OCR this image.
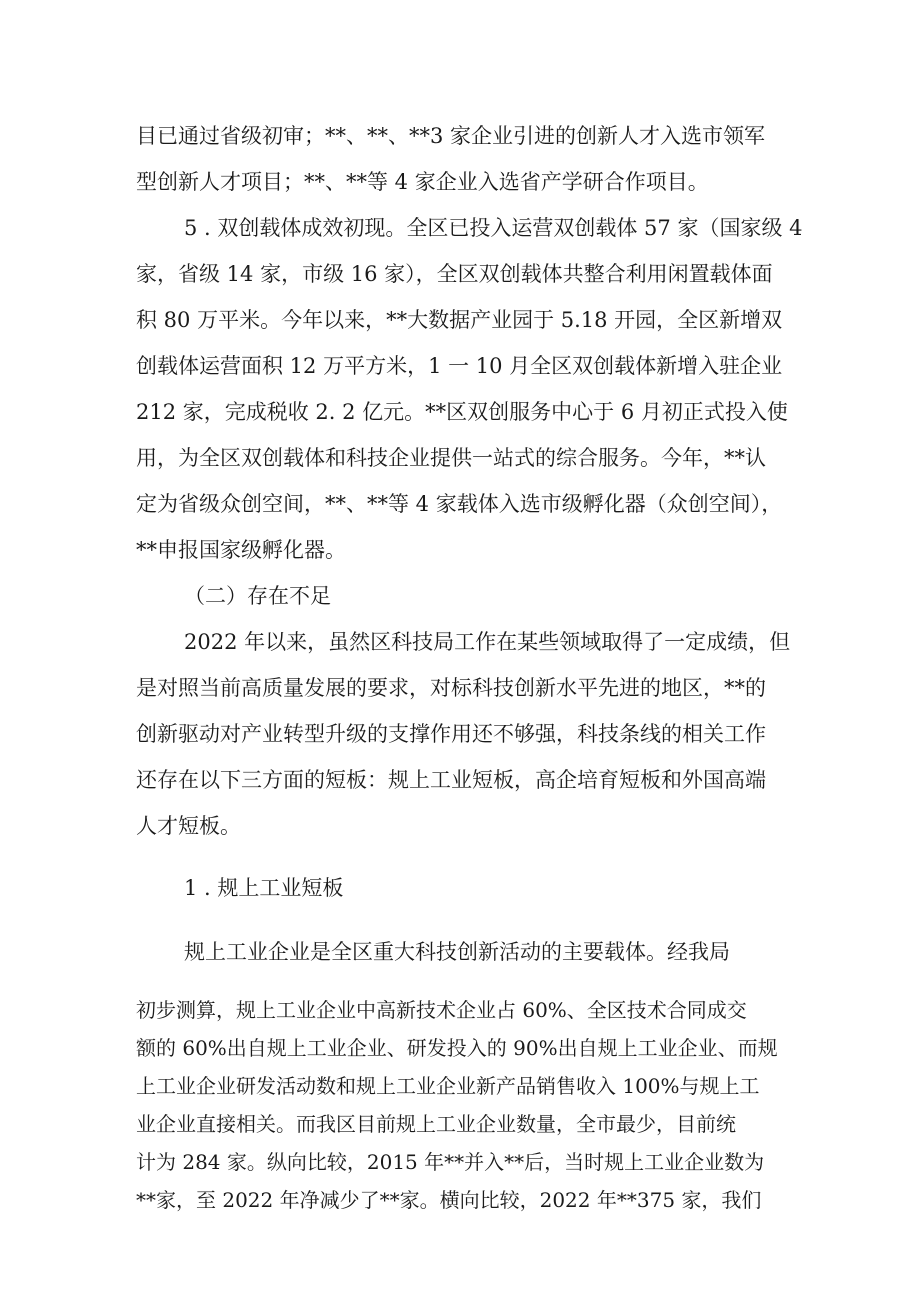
目已通过省级初审；**、**、**3 家企业引进的创新人才入选市领军
型创新人才项目；**、**等 4 家企业入选省产学研合作项目。
5 . 双创载体成效初现。全区已投入运营双创载体 57 家（国家级 4
家，省级 14 家，市级 16 家），全区双创载体共整合利用闲置载体面
积 80 万平米。今年以来，**大数据产业园于 5.18 开园，全区新增双
创载体运营面积 12 万平方米，1 一 10 月全区双创载体新增入驻企业
212 家，完成税收 2. 2 亿元。**区双创服务中心于 6 月初正式投入使
用，为全区双创载体和科技企业提供一站式的综合服务。今年，**认
定为省级众创空间，**、**等 4 家载体入选市级孵化器（众创空间），
**申报国家级孵化器。
（二）存在不足
2022 年以来，虽然区科技局工作在某些领域取得了一定成绩，但
是对照当前高质量发展的要求，对标科技创新水平先进的地区，**的
创新驱动对产业转型升级的支撑作用还不够强，科技条线的相关工作
还存在以下三方面的短板：规上工业短板，高企培育短板和外国高端
人才短板。
1 . 规上工业短板
规上工业企业是全区重大科技创新活动的主要载体。经我局
初步测算，规上工业企业中高新技术企业占 60%、全区技术合同成交
额的 60%出自规上工业企业、研发投入的 90%出自规上工业企业、而规
上工业企业研发活动数和规上工业企业新产品销售收入 100%与规上工
业企业直接相关。而我区目前规上工业企业数量，全市最少，目前统
计为 284 家。纵向比较，2015 年**并入**后，当时规上工业企业数为
**家，至 2022 年净减少了**家。横向比较，2022 年**375 家，我们
